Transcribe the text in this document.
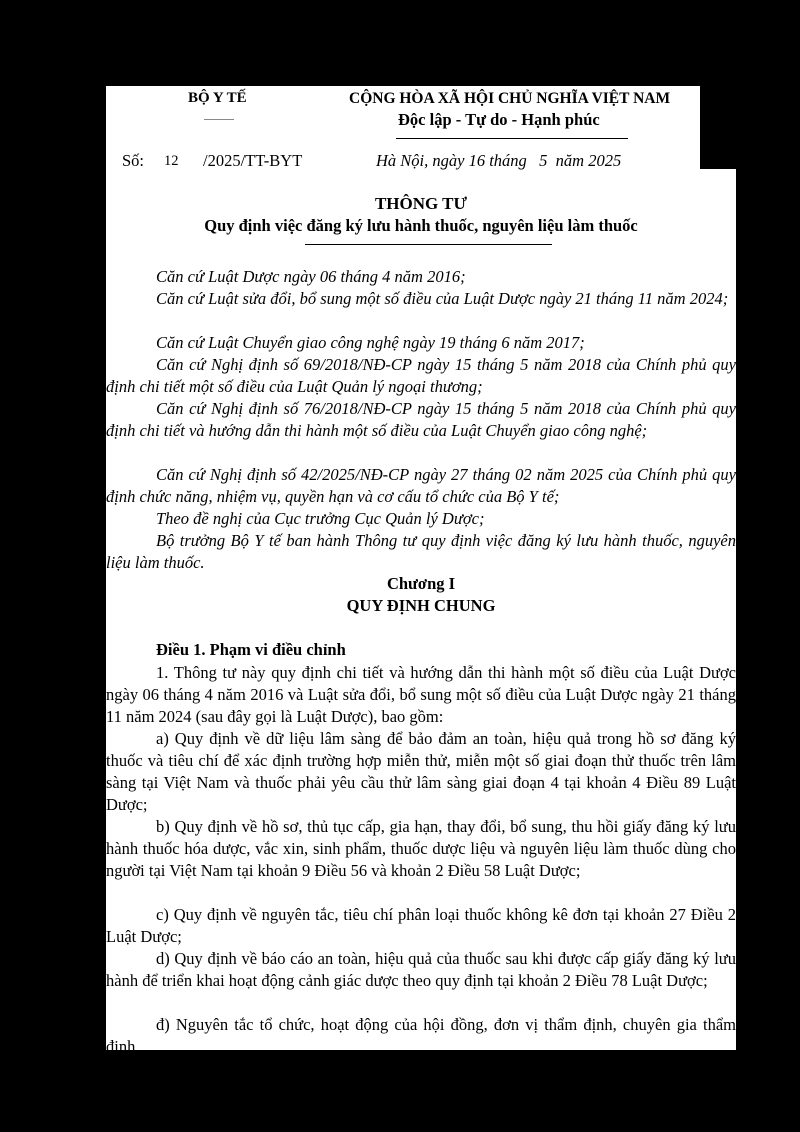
BỘ Y TẾ	CỘNG HÒA XÃ HỘI CHỦ NGHĨA VIỆT NAM
Độc lập - Tự do - Hạnh phúc
Số: 12 /2025/TT-BYT	Hà Nội, ngày 16 tháng   5  năm 2025
THÔNG TƯ
Quy định việc đăng ký lưu hành thuốc, nguyên liệu làm thuốc
Căn cứ Luật Dược ngày 06 tháng 4 năm 2016;
Căn cứ Luật sửa đổi, bổ sung một số điều của Luật Dược ngày 21 tháng 11 năm 2024;
Căn cứ Luật Chuyển giao công nghệ ngày 19 tháng 6 năm 2017;
Căn cứ Nghị định số 69/2018/NĐ-CP ngày 15 tháng 5 năm 2018 của Chính phủ quy định chi tiết một số điều của Luật Quản lý ngoại thương;
Căn cứ Nghị định số 76/2018/NĐ-CP ngày 15 tháng 5 năm 2018 của Chính phủ quy định chi tiết và hướng dẫn thi hành một số điều của Luật Chuyển giao công nghệ;
Căn cứ Nghị định số 42/2025/NĐ-CP ngày 27 tháng 02 năm 2025 của Chính phủ quy định chức năng, nhiệm vụ, quyền hạn và cơ cấu tổ chức của Bộ Y tế;
Theo đề nghị của Cục trưởng Cục Quản lý Dược;
Bộ trưởng Bộ Y tế ban hành Thông tư quy định việc đăng ký lưu hành thuốc, nguyên liệu làm thuốc.
Chương I
QUY ĐỊNH CHUNG
Điều 1. Phạm vi điều chỉnh
1. Thông tư này quy định chi tiết và hướng dẫn thi hành một số điều của Luật Dược ngày 06 tháng 4 năm 2016 và Luật sửa đổi, bổ sung một số điều của Luật Dược ngày 21 tháng 11 năm 2024 (sau đây gọi là Luật Dược), bao gồm:
a) Quy định về dữ liệu lâm sàng để bảo đảm an toàn, hiệu quả trong hồ sơ đăng ký thuốc và tiêu chí để xác định trường hợp miễn thử, miễn một số giai đoạn thử thuốc trên lâm sàng tại Việt Nam và thuốc phải yêu cầu thử lâm sàng giai đoạn 4 tại khoản 4 Điều 89 Luật Dược;
b) Quy định về hồ sơ, thủ tục cấp, gia hạn, thay đổi, bổ sung, thu hồi giấy đăng ký lưu hành thuốc hóa dược, vắc xin, sinh phẩm, thuốc dược liệu và nguyên liệu làm thuốc dùng cho người tại Việt Nam tại khoản 9 Điều 56 và khoản 2 Điều 58 Luật Dược;
c) Quy định về nguyên tắc, tiêu chí phân loại thuốc không kê đơn tại khoản 27 Điều 2 Luật Dược;
d) Quy định về báo cáo an toàn, hiệu quả của thuốc sau khi được cấp giấy đăng ký lưu hành để triển khai hoạt động cảnh giác dược theo quy định tại khoản 2 Điều 78 Luật Dược;
đ) Nguyên tắc tổ chức, hoạt động của hội đồng, đơn vị thẩm định, chuyên gia thẩm định.
